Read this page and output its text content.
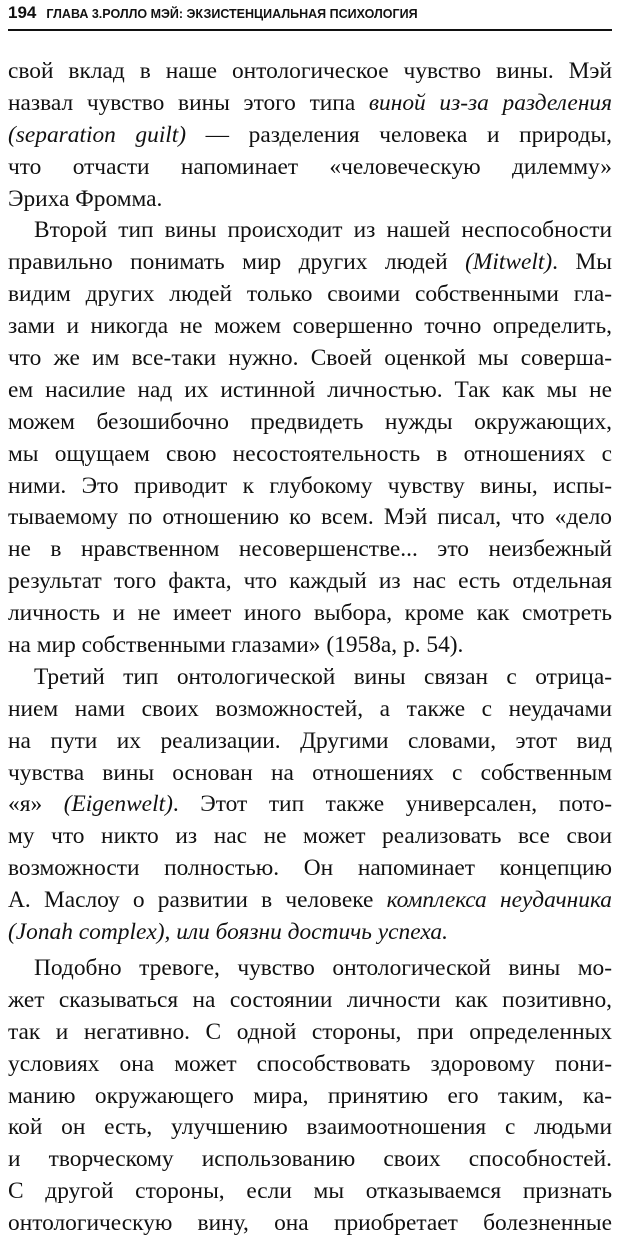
194 ГЛАВА 3.РОЛЛО МЭЙ: ЭКЗИСТЕНЦИАЛЬНАЯ ПСИХОЛОГИЯ
свой вклад в наше онтологическое чувство вины. Мэй
назвал чувство вины этого типа виной из-за разделения
(separation guilt) — разделения человека и природы,
что отчасти напоминает «человеческую дилемму»
Эриха Фромма.
Второй тип вины происходит из нашей неспособности
правильно понимать мир других людей (Mitwelt). Мы
видим других людей только своими собственными гла-
зами и никогда не можем совершенно точно определить,
что же им все-таки нужно. Своей оценкой мы соверша-
ем насилие над их истинной личностью. Так как мы не
можем безошибочно предвидеть нужды окружающих,
мы ощущаем свою несостоятельность в отношениях с
ними. Это приводит к глубокому чувству вины, испы-
тываемому по отношению ко всем. Мэй писал, что «дело
не в нравственном несовершенстве... это неизбежный
результат того факта, что каждый из нас есть отдельная
личность и не имеет иного выбора, кроме как смотреть
на мир собственными глазами» (1958а, р. 54).
Третий тип онтологической вины связан с отрица-
нием нами своих возможностей, а также с неудачами
на пути их реализации. Другими словами, этот вид
чувства вины основан на отношениях с собственным
«я» (Eigenwelt). Этот тип также универсален, пото-
му что никто из нас не может реализовать все свои
возможности полностью. Он напоминает концепцию
А. Маслоу о развитии в человеке комплекса неудачника
(Jonah complex), или боязни достичь успеха.
Подобно тревоге, чувство онтологической вины мо-
жет сказываться на состоянии личности как позитивно,
так и негативно. С одной стороны, при определенных
условиях она может способствовать здоровому пони-
манию окружающего мира, принятию его таким, ка-
кой он есть, улучшению взаимоотношения с людьми
и творческому использованию своих способностей.
С другой стороны, если мы отказываемся признать
онтологическую вину, она приобретает болезненные
